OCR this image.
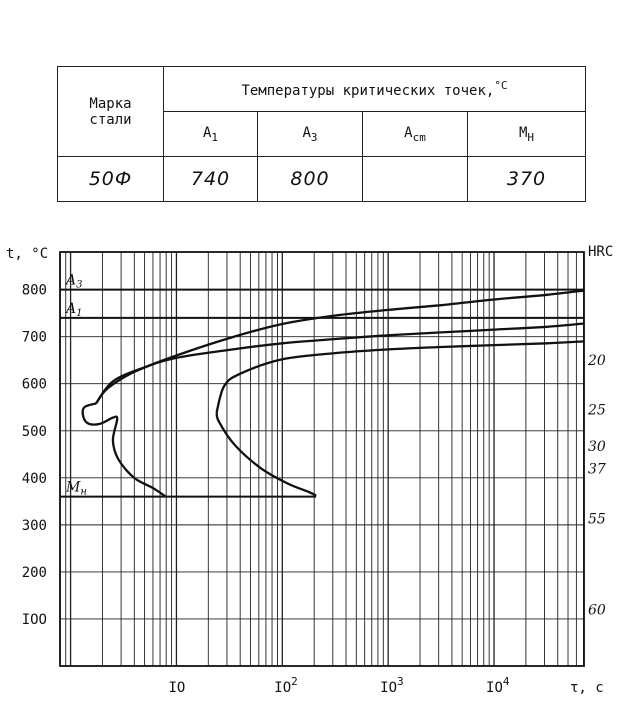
Марка
стали	Температуры критических точек,$^{^\circ С}$
	$А_1$	$А_3$	$А_{cm}$	$М_Н$
50Ф	740	800		370
$A_3$
$A_1$
$M_н$
800
700
600
500
400
300
200
IOO
t, °С
IO	$IO^2$	$IO^3$	$IO^4$	τ, с
HRC
20
25
30
37
55
60
